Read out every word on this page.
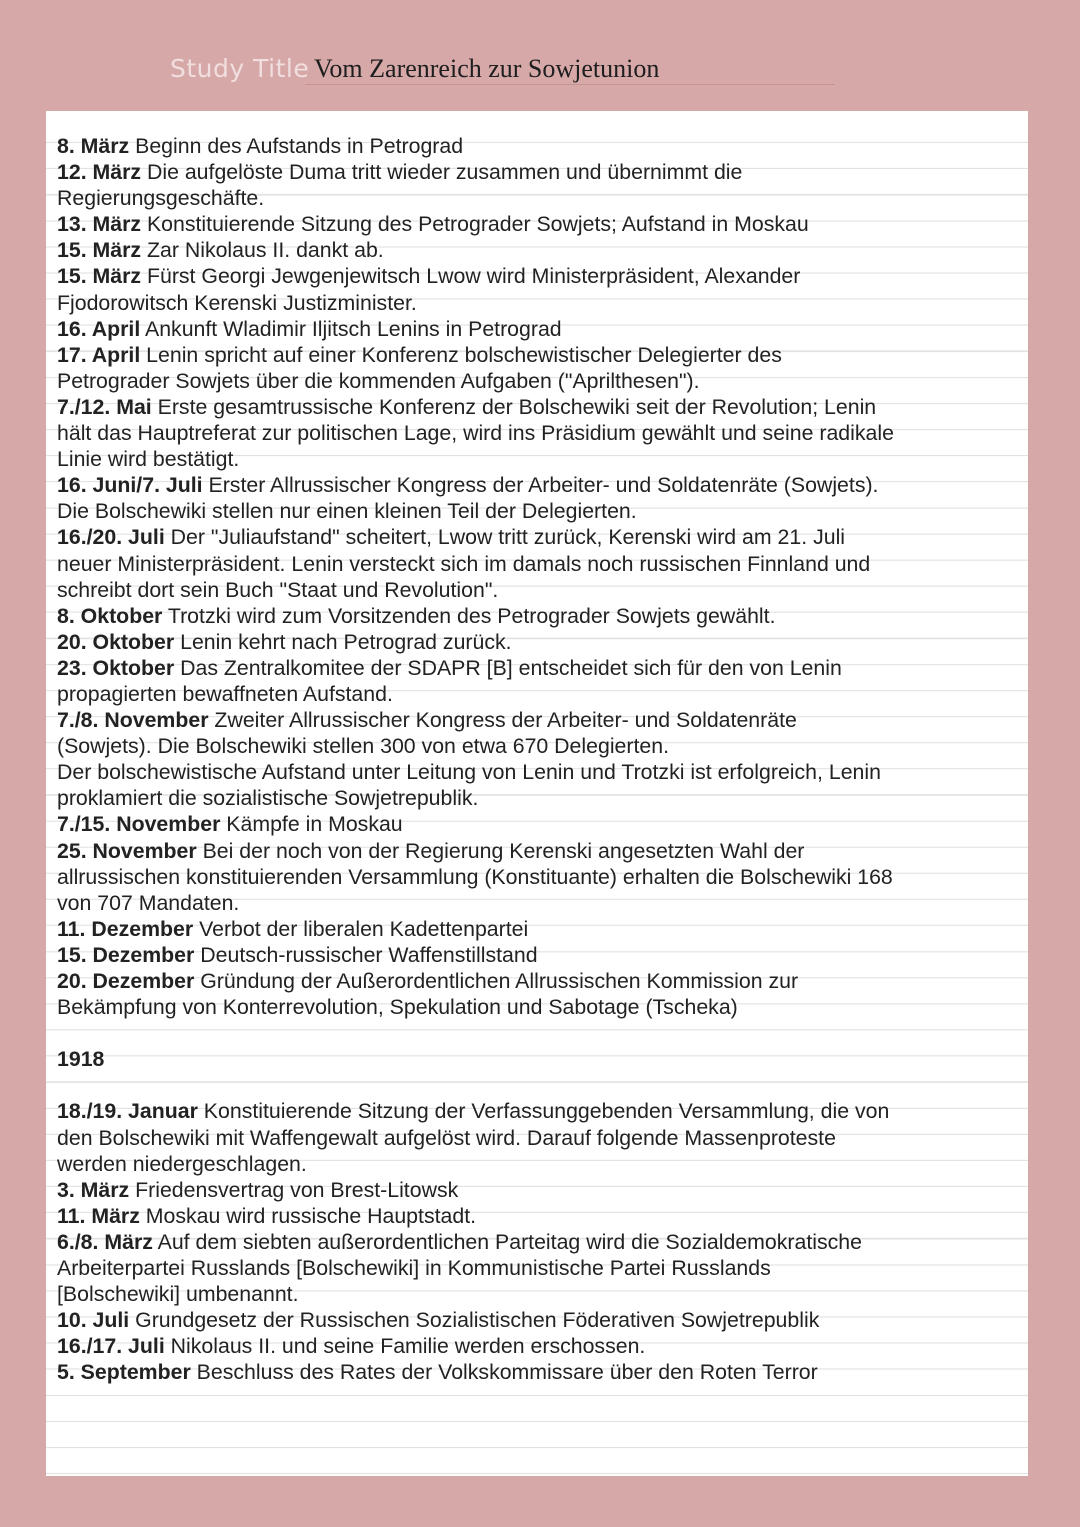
Study Title Vom Zarenreich zur Sowjetunion
8. März Beginn des Aufstands in Petrograd
12. März Die aufgelöste Duma tritt wieder zusammen und übernimmt die
Regierungsgeschäfte.
13. März Konstituierende Sitzung des Petrograder Sowjets; Aufstand in Moskau
15. März Zar Nikolaus II. dankt ab.
15. März Fürst Georgi Jewgenjewitsch Lwow wird Ministerpräsident, Alexander
Fjodorowitsch Kerenski Justizminister.
16. April Ankunft Wladimir Iljitsch Lenins in Petrograd
17. April Lenin spricht auf einer Konferenz bolschewistischer Delegierter des
Petrograder Sowjets über die kommenden Aufgaben ("Aprilthesen").
7./12. Mai Erste gesamtrussische Konferenz der Bolschewiki seit der Revolution; Lenin
hält das Hauptreferat zur politischen Lage, wird ins Präsidium gewählt und seine radikale
Linie wird bestätigt.
16. Juni/7. Juli Erster Allrussischer Kongress der Arbeiter- und Soldatenräte (Sowjets).
Die Bolschewiki stellen nur einen kleinen Teil der Delegierten.
16./20. Juli Der "Juliaufstand" scheitert, Lwow tritt zurück, Kerenski wird am 21. Juli
neuer Ministerpräsident. Lenin versteckt sich im damals noch russischen Finnland und
schreibt dort sein Buch "Staat und Revolution".
8. Oktober Trotzki wird zum Vorsitzenden des Petrograder Sowjets gewählt.
20. Oktober Lenin kehrt nach Petrograd zurück.
23. Oktober Das Zentralkomitee der SDAPR [B] entscheidet sich für den von Lenin
propagierten bewaffneten Aufstand.
7./8. November Zweiter Allrussischer Kongress der Arbeiter- und Soldatenräte
(Sowjets). Die Bolschewiki stellen 300 von etwa 670 Delegierten.
Der bolschewistische Aufstand unter Leitung von Lenin und Trotzki ist erfolgreich, Lenin
proklamiert die sozialistische Sowjetrepublik.
7./15. November Kämpfe in Moskau
25. November Bei der noch von der Regierung Kerenski angesetzten Wahl der
allrussischen konstituierenden Versammlung (Konstituante) erhalten die Bolschewiki 168
von 707 Mandaten.
11. Dezember Verbot der liberalen Kadettenpartei
15. Dezember Deutsch-russischer Waffenstillstand
20. Dezember Gründung der Außerordentlichen Allrussischen Kommission zur
Bekämpfung von Konterrevolution, Spekulation und Sabotage (Tscheka)
1918
18./19. Januar Konstituierende Sitzung der Verfassunggebenden Versammlung, die von
den Bolschewiki mit Waffengewalt aufgelöst wird. Darauf folgende Massenproteste
werden niedergeschlagen.
3. März Friedensvertrag von Brest-Litowsk
11. März Moskau wird russische Hauptstadt.
6./8. März Auf dem siebten außerordentlichen Parteitag wird die Sozialdemokratische
Arbeiterpartei Russlands [Bolschewiki] in Kommunistische Partei Russlands
[Bolschewiki] umbenannt.
10. Juli Grundgesetz der Russischen Sozialistischen Föderativen Sowjetrepublik
16./17. Juli Nikolaus II. und seine Familie werden erschossen.
5. September Beschluss des Rates der Volkskommissare über den Roten Terror
